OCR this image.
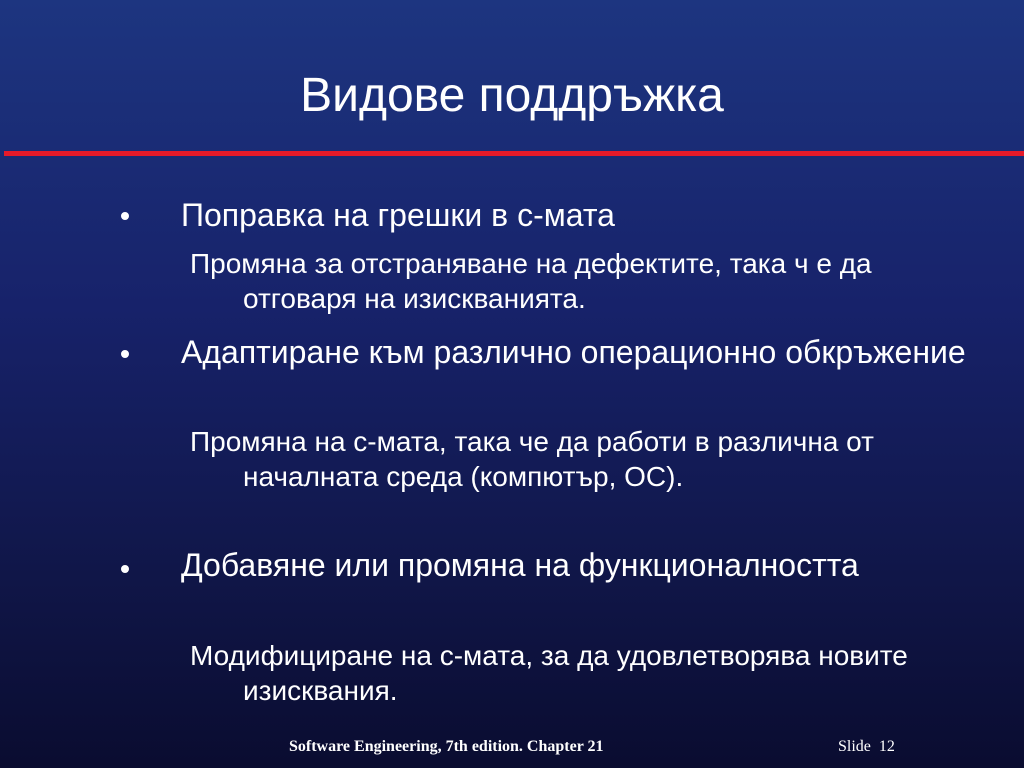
Видове поддръжка
Поправка на грешки в с-мата
Промяна за отстраняване на дефектите, така ч е да отговаря на изискванията.
Адаптиране към различно операционно обкръжение
Промяна на с-мата, така че да работи в различна от началната среда (компютър, ОС).
Добавяне или промяна на функционалността
Модифициране на с-мата, за да удовлетворява новите изисквания.
Software Engineering, 7th edition. Chapter 21	Slide 12
